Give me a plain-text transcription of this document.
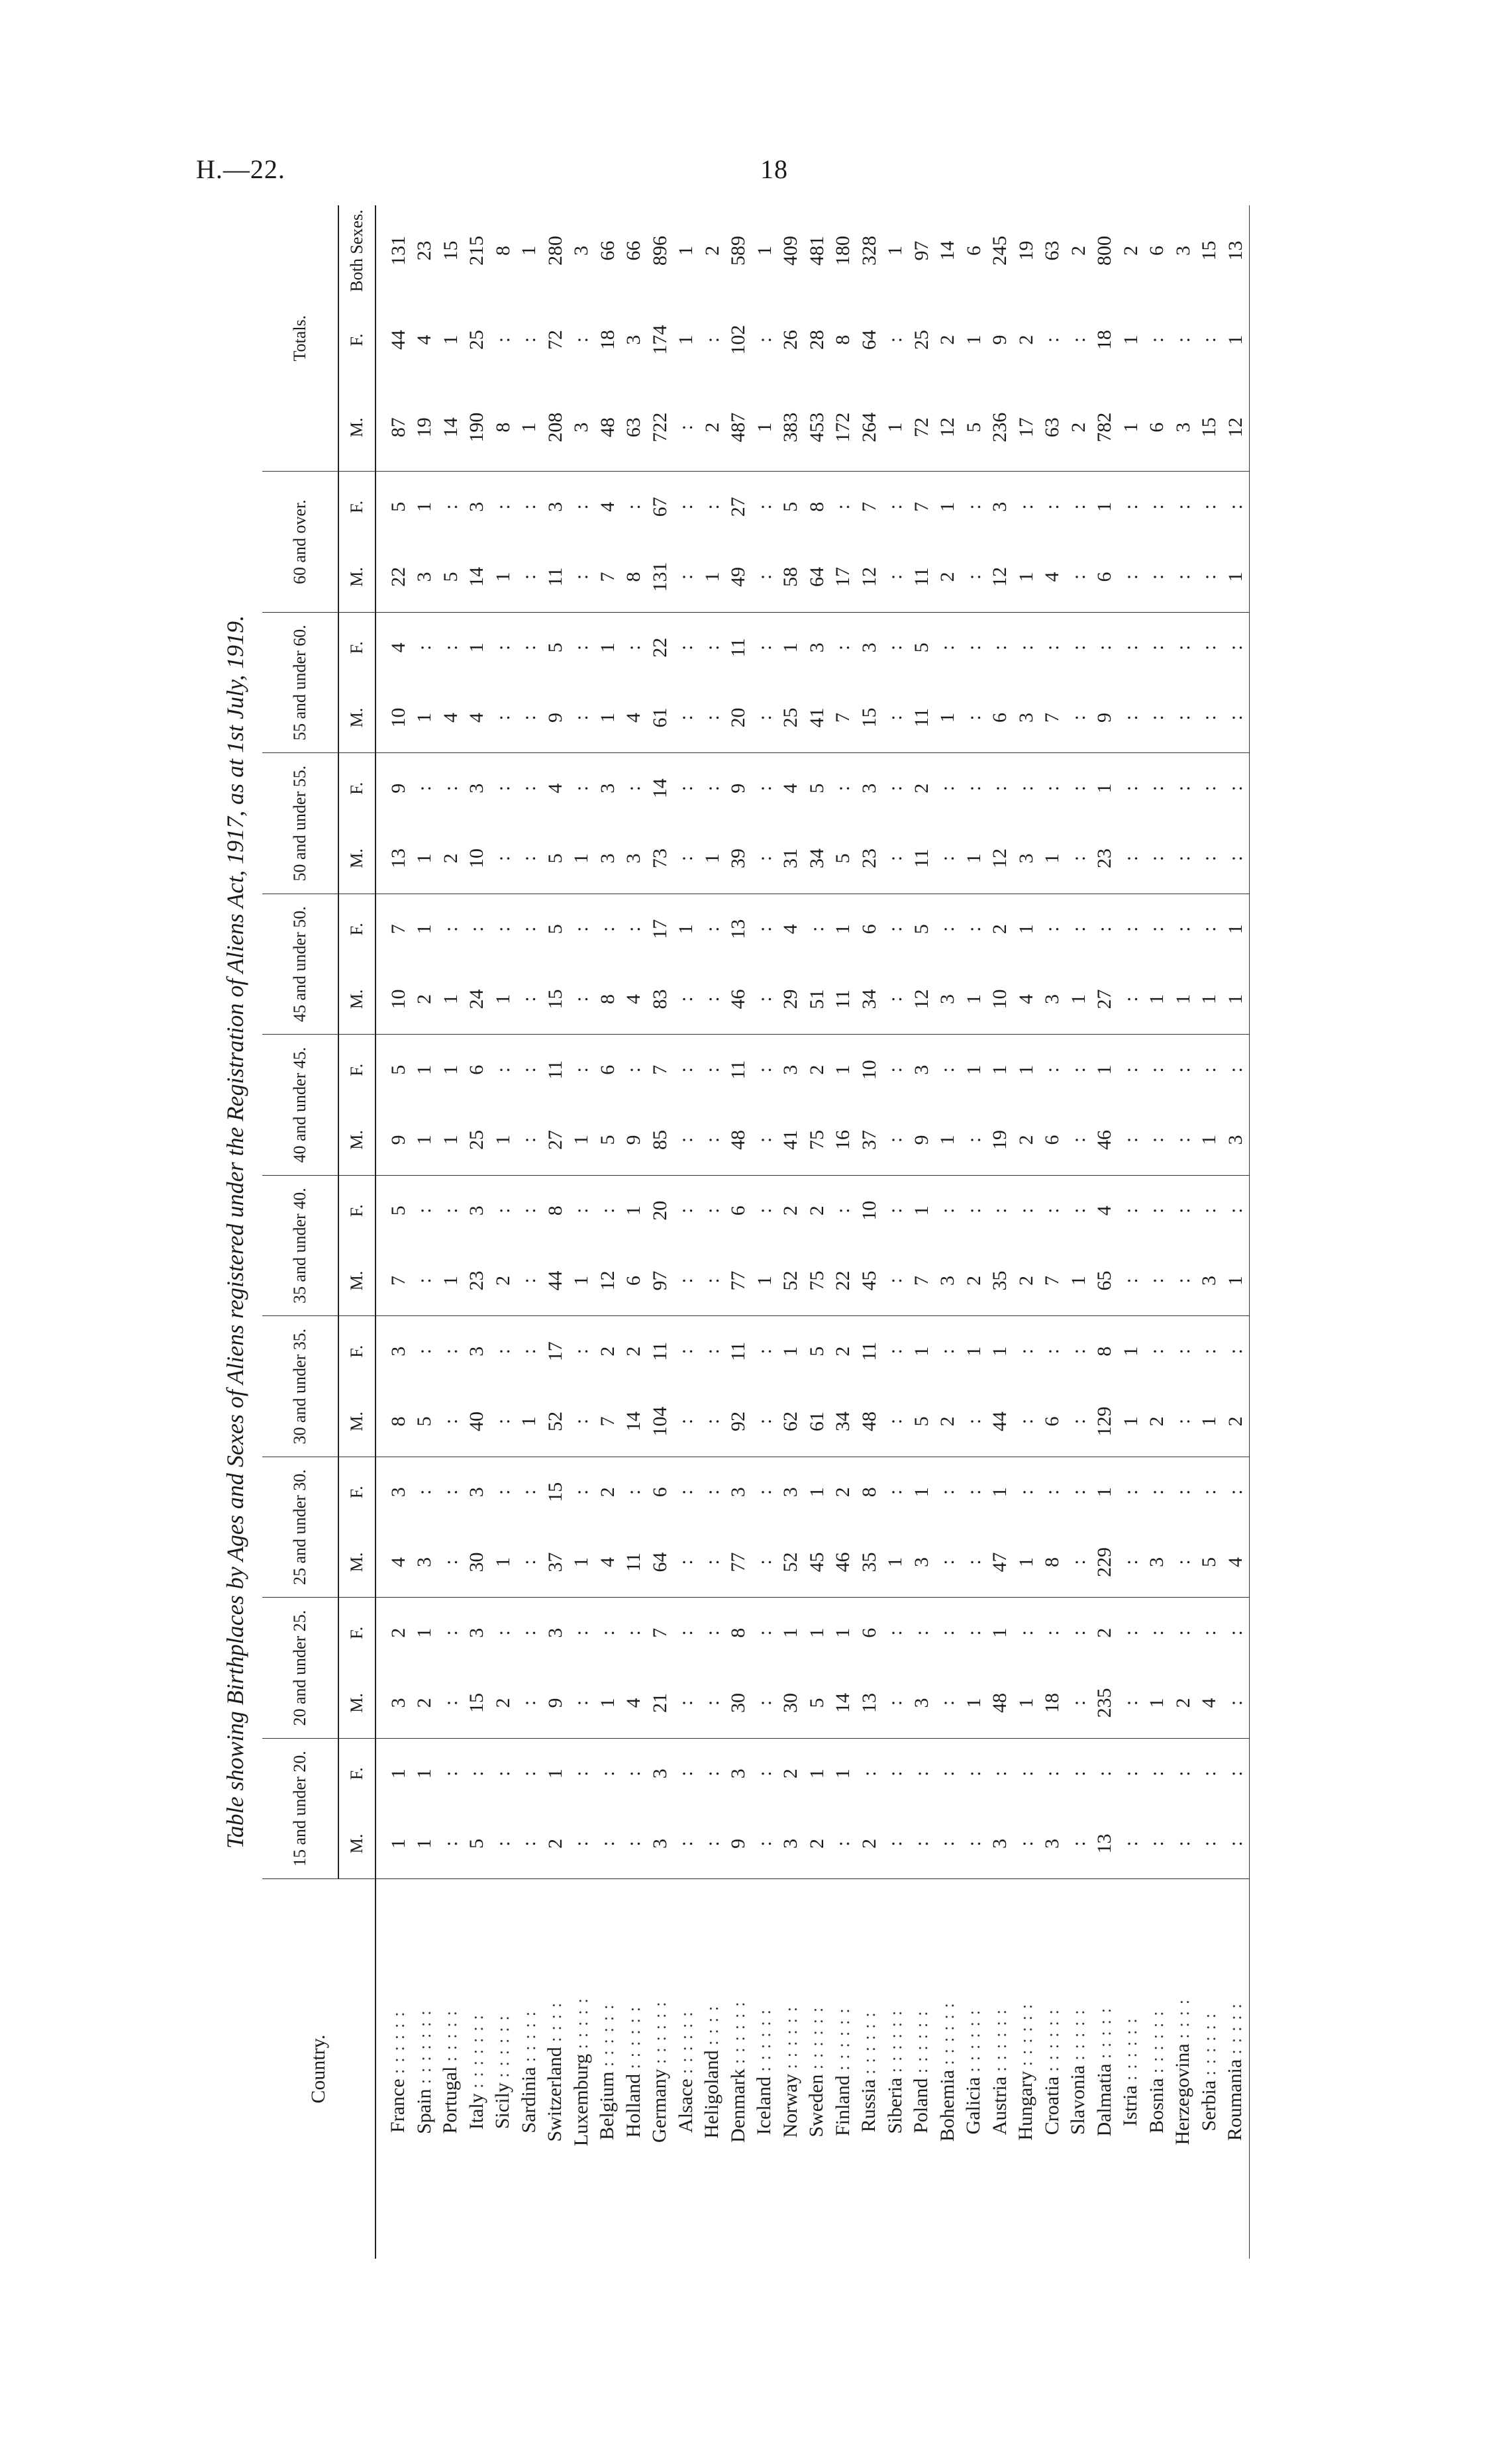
H.—22.	18
Table showing Birthplaces by Ages and Sexes of Aliens registered under the Registration of Aliens Act, 1917, as at 1st July, 1919.
Country.	15 and under 20.		20 and under 25.		25 and under 30.		30 and under 35.		35 and under 40.		40 and under 45.		45 and under 50.		50 and under 55.		55 and under 60.		60 and over.		Totals.		
	M.	F.	M.	F.	M.	F.	M.	F.	M.	F.	M.	F.	M.	F.	M.	F.	M.	F.	M.	F.	M.	F.	Both Sexes.
France ::::::	1	1	3	2	4	3	8	3	7	5	9	5	10	7	13	9	10	4	22	5	87	44	131
Spain :::::::	1	1	2	1	3	:	5	:	:	:	1	1	2	1	1	:	1	:	3	1	19	4	23
Portugal :::::	:	:	:	:	:	:	:	:	1	:	1	1	1	:	2	:	4	:	5	:	14	1	15
Italy :::::::	5	:	15	3	30	3	40	3	23	3	25	6	24	:	10	3	4	1	14	3	190	25	215
Sicily ::::::	:	:	2	:	1	:	:	:	2	:	1	:	1	:	:	:	:	:	1	:	8	:	8
Sardinia :::::	:	:	:	:	:	:	1	:	:	:	:	:	:	:	:	:	:	:	:	:	1	:	1
Switzerland ::::	2	1	9	3	37	15	52	17	44	8	27	11	15	5	5	4	9	5	11	3	208	72	280
Luxemburg :::::	:	:	:	:	1	:	:	:	1	:	1	:	:	:	1	:	:	:	:	:	3	:	3
Belgium ::::::	:	:	1	:	4	2	7	2	12	:	5	6	8	:	3	3	1	1	7	4	48	18	66
Holland ::::::	:	:	4	:	11	:	14	2	6	1	9	:	4	:	3	:	4	:	8	:	63	3	66
Germany ::::::	3	3	21	7	64	6	104	11	97	20	85	7	83	17	73	14	61	22	131	67	722	174	896
Alsace ::::::	:	:	:	:	:	:	:	:	:	:	:	:	:	1	:	:	:	:	:	:	:	1	1
Heligoland ::::	:	:	:	:	:	:	:	:	:	:	:	:	:	:	1	:	:	:	1	:	2	:	2
Denmark ::::::	9	3	30	8	77	3	92	11	77	6	48	11	46	13	39	9	20	11	49	27	487	102	589
Iceland ::::::	:	:	:	:	:	:	:	:	1	:	:	:	:	:	:	:	:	:	:	:	1	:	1
Norway ::::::	3	2	30	1	52	3	62	1	52	2	41	3	29	4	31	4	25	1	58	5	383	26	409
Sweden ::::::	2	1	5	1	45	1	61	5	75	2	75	2	51	:	34	5	41	3	64	8	453	28	481
Finland ::::::	:	1	14	1	46	2	34	2	22	:	16	1	11	1	5	:	7	:	17	:	172	8	180
Russia ::::::	2	:	13	6	35	8	48	11	45	10	37	10	34	6	23	3	15	3	12	7	264	64	328
Siberia ::::::	:	:	:	:	1	:	:	:	:	:	:	:	:	:	:	:	:	:	:	:	1	:	1
Poland ::::::	:	:	3	:	3	1	5	1	7	1	9	3	12	5	11	2	11	5	11	7	72	25	97
Bohemia ::::::	:	:	:	:	:	:	2	:	3	:	1	:	3	:	:	:	1	:	2	1	12	2	14
Galicia ::::::	:	:	1	:	:	:	:	1	2	:	:	1	1	:	1	:	:	:	:	:	5	1	6
Austria ::::::	3	:	48	1	47	1	44	1	35	:	19	1	10	2	12	:	6	:	12	3	236	9	245
Hungary ::::::	:	:	1	:	1	:	:	:	2	:	2	1	4	1	3	:	3	:	1	:	17	2	19
Croatia ::::::	3	:	18	:	8	:	6	:	7	:	6	:	3	:	1	:	7	:	4	:	63	:	63
Slavonia :::::	:	:	:	:	:	:	:	:	1	:	:	:	1	:	:	:	:	:	:	:	2	:	2
Dalmatia :::::	13	:	235	2	229	1	129	8	65	4	46	1	27	:	23	1	9	:	6	1	782	18	800
Istria ::::::	:	:	:	:	:	:	1	1	:	:	:	:	:	:	:	:	:	:	:	:	1	1	2
Bosnia ::::::	:	:	1	:	3	:	2	:	:	:	:	:	1	:	:	:	:	:	:	:	6	:	6
Herzegovina ::::	:	:	2	:	:	:	:	:	:	:	:	:	1	:	:	:	:	:	:	:	3	:	3
Serbia ::::::	:	:	4	:	5	:	1	:	3	:	1	:	1	:	:	:	:	:	:	:	15	:	15
Roumania :::::	:	:	:	:	4	:	2	:	1	:	3	:	1	1	:	:	:	:	1	:	12	1	13
